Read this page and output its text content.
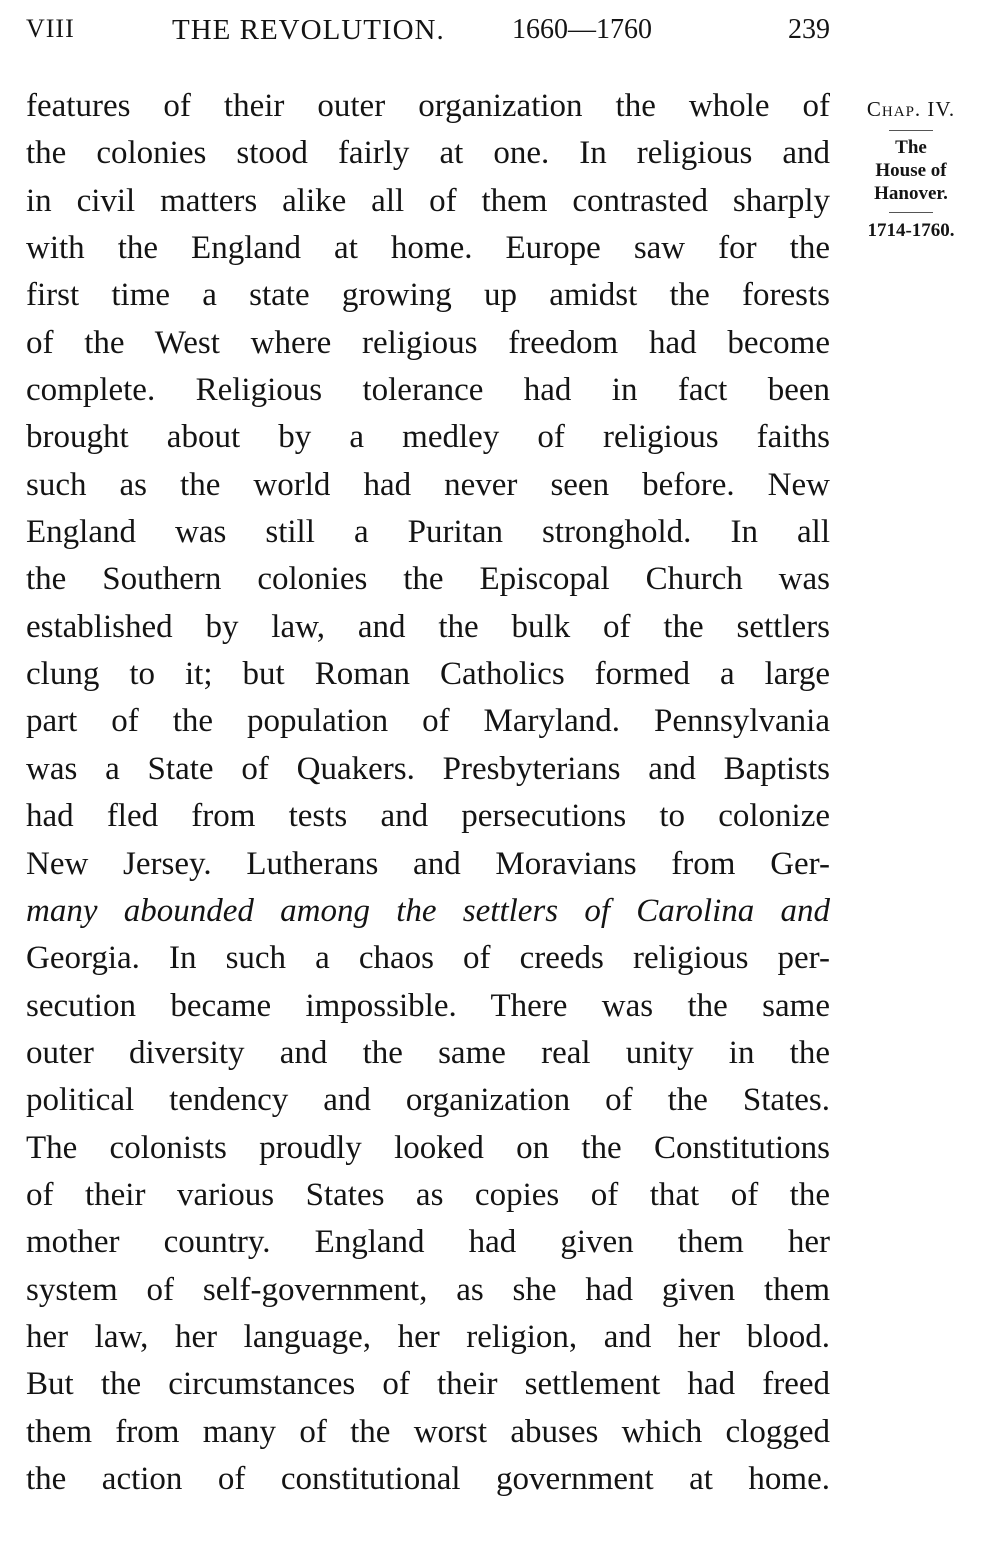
VIII	THE REVOLUTION. 1660—1760	239
features of their outer organization the whole of
the colonies stood fairly at one. In religious and
in civil matters alike all of them contrasted sharply
with the England at home. Europe saw for the
first time a state growing up amidst the forests
of the West where religious freedom had become
complete. Religious tolerance had in fact been
brought about by a medley of religious faiths
such as the world had never seen before. New
England was still a Puritan stronghold. In all
the Southern colonies the Episcopal Church was
established by law, and the bulk of the settlers
clung to it; but Roman Catholics formed a large
part of the population of Maryland. Pennsylvania
was a State of Quakers. Presbyterians and Baptists
had fled from tests and persecutions to colonize
New Jersey. Lutherans and Moravians from Ger-
many abounded among the settlers of Carolina and
Georgia. In such a chaos of creeds religious per-
secution became impossible. There was the same
outer diversity and the same real unity in the
political tendency and organization of the States.
The colonists proudly looked on the Constitutions
of their various States as copies of that of the
mother country. England had given them her
system of self-government, as she had given them
her law, her language, her religion, and her blood.
But the circumstances of their settlement had freed
them from many of the worst abuses which clogged
the action of constitutional government at home.
Chap. IV.
The
House of
Hanover.
1714-1760.
